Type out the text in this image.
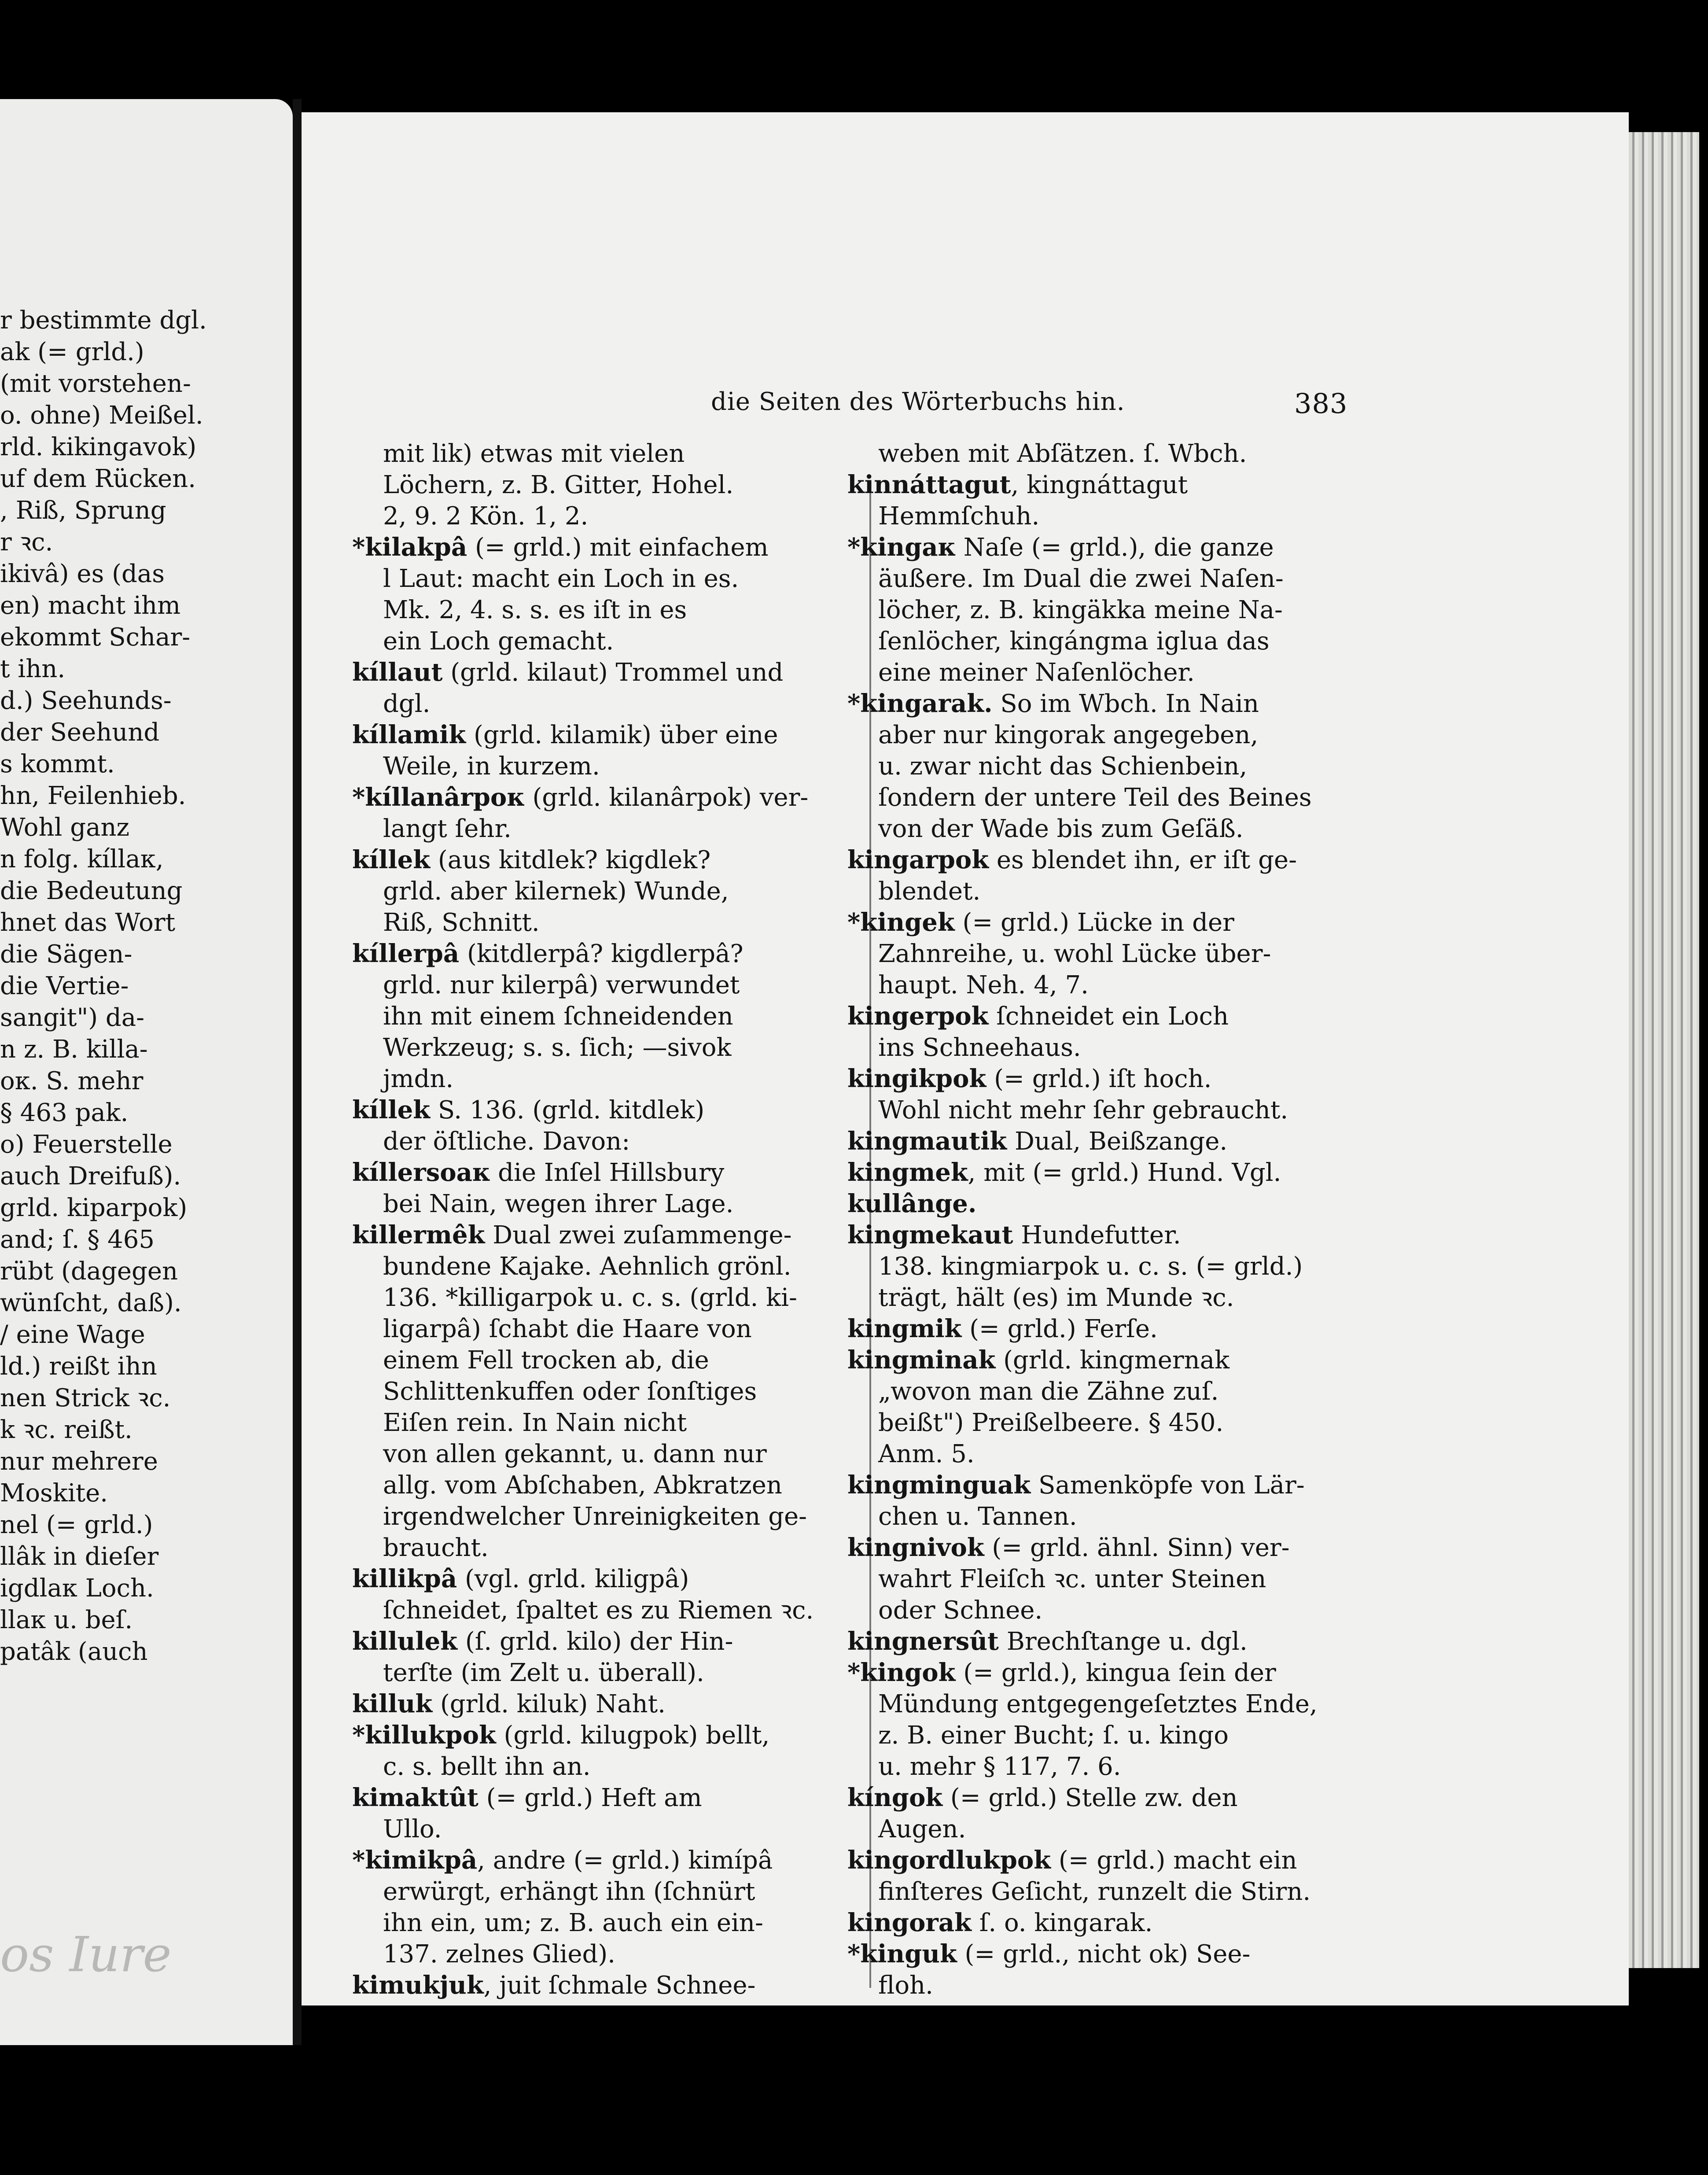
r bestimmte dgl.
ak (= grld.)
(mit vorstehen-
o. ohne) Meißel.
rld. kikingavok)
uf dem Rücken.
, Riß, Sprung
r ꝛc.
ikivâ) es (das
en) macht ihm
ekommt Schar-
t ihn.
d.) Seehunds-
der Seehund
s kommt.
hn, Feilenhieb.
Wohl ganz
n folg. kíllaк,
die Bedeutung
hnet das Wort
die Sägen-
die Vertie-
sangit") da-
n z. B. killa-
oк. S. mehr
§ 463 pak.
o) Feuerstelle
auch Dreifuß).
grld. kiparpok)
and; ſ. § 465
rübt (dagegen
wünſcht, daß).
/ eine Wage
ld.) reißt ihn
nen Strick ꝛc.
k ꝛc. reißt.
nur mehrere
Moskite.
nel (= grld.)
llâk in dieſer
igdlaк Loch.
llaк u. beſ.
patâk (auch
os Iure
die Seiten des Wörterbuchs hin.	383
mit lik) etwas mit vielen
Löchern, z. B. Gitter, Hohel.
2, 9. 2 Kön. 1, 2.
*kilakpâ (= grld.) mit einfachem
l Laut: macht ein Loch in es.
Mk. 2, 4. s. s. es iſt in es
ein Loch gemacht.
kíllaut (grld. kilaut) Trommel und
dgl.
kíllamik (grld. kilamik) über eine
Weile, in kurzem.
*kíllanârpoк (grld. kilanârpok) ver-
langt ſehr.
kíllek (aus kitdlek? kigdlek?
grld. aber kilernek) Wunde,
Riß, Schnitt.
kíllerpâ (kitdlerpâ? kigdlerpâ?
grld. nur kilerpâ) verwundet
ihn mit einem ſchneidenden
Werkzeug; s. s. ſich; —sivok
jmdn.
kíllek S. 136. (grld. kitdlek)
der öſtliche. Davon:
kíllersoaк die Inſel Hillsbury
bei Nain, wegen ihrer Lage.
killermêk Dual zwei zuſammenge-
bundene Kajake. Aehnlich grönl.
136. *killigarpok u. c. s. (grld. ki-
ligarpâ) ſchabt die Haare von
einem Fell trocken ab, die
Schlittenkuffen oder ſonſtiges
Eiſen rein. In Nain nicht
von allen gekannt, u. dann nur
allg. vom Abſchaben, Abkratzen
irgendwelcher Unreinigkeiten ge-
braucht.
killikpâ (vgl. grld. kiligpâ)
ſchneidet, ſpaltet es zu Riemen ꝛc.
killulek (ſ. grld. kilo) der Hin-
terſte (im Zelt u. überall).
killuk (grld. kiluk) Naht.
*killukpok (grld. kilugpok) bellt,
c. s. bellt ihn an.
kimaktût (= grld.) Heft am
Ullo.
*kimikpâ, andre (= grld.) kimípâ
erwürgt, erhängt ihn (ſchnürt
ihn ein, um; z. B. auch ein ein-
137. zelnes Glied).
kimukjuk, juit ſchmale Schnee-
weben mit Abſätzen. ſ. Wbch.
kinnáttagut, kingnáttagut
Hemmſchuh.
*kingaк Naſe (= grld.), die ganze
äußere. Im Dual die zwei Naſen-
löcher, z. B. kingäkka meine Na-
ſenlöcher, kingángma iglua das
eine meiner Naſenlöcher.
*kingarak. So im Wbch. In Nain
aber nur kingorak angegeben,
u. zwar nicht das Schienbein,
ſondern der untere Teil des Beines
von der Wade bis zum Geſäß.
kingarpok es blendet ihn, er iſt ge-
blendet.
*kingek (= grld.) Lücke in der
Zahnreihe, u. wohl Lücke über-
haupt. Neh. 4, 7.
kingerpok ſchneidet ein Loch
ins Schneehaus.
kingikpok (= grld.) iſt hoch.
Wohl nicht mehr ſehr gebraucht.
kingmautik Dual, Beißzange.
kingmek, mit (= grld.) Hund. Vgl.
kullânge.
kingmekaut Hundefutter.
138. kingmiarpok u. c. s. (= grld.)
trägt, hält (es) im Munde ꝛc.
kingmik (= grld.) Ferſe.
kingminak (grld. kingmernak
„wovon man die Zähne zuſ.
beißt") Preißelbeere. § 450.
Anm. 5.
kingminguak Samenköpfe von Lär-
chen u. Tannen.
kingnivok (= grld. ähnl. Sinn) ver-
wahrt Fleiſch ꝛc. unter Steinen
oder Schnee.
kingnersût Brechſtange u. dgl.
*kingok (= grld.), kingua ſein der
Mündung entgegengeſetztes Ende,
z. B. einer Bucht; ſ. u. kingo
u. mehr § 117, 7. 6.
kíngok (= grld.) Stelle zw. den
Augen.
kingordlukpok (= grld.) macht ein
finſteres Geſicht, runzelt die Stirn.
kingorak ſ. o. kingarak.
*kinguk (= grld., nicht ok) See-
floh.
